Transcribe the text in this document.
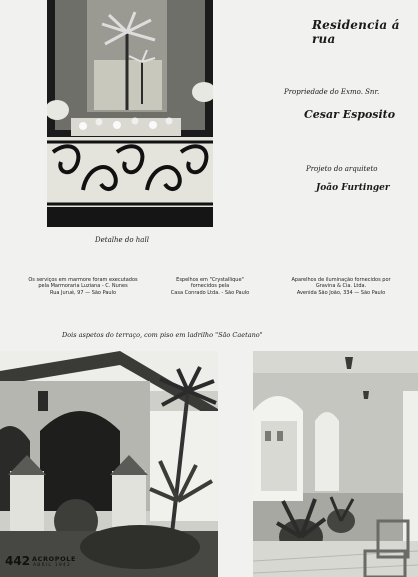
Residencia á rua
Propriedade do Exmo. Snr.
Cesar Esposito
Projeto do arquiteto
João Furtinger
Detalhe do hall
Os serviços em marmore foram executados
pela Marmoraria Luziana - C. Nunes
Rua Jurué, 97 — São Paulo
Espelhos em "Crystallique"
fornecidos pela
Casa Conrado Ltda. - São Paulo
Aparelhos de iluminação fornecidos por
Gravina & Cia. Ltda.
Avenida São João, 334 — São Paulo
Dois aspetos do terraço, com piso em ladrilho "São Caetano"
442 ACROPOLE
ABRIL 1942
